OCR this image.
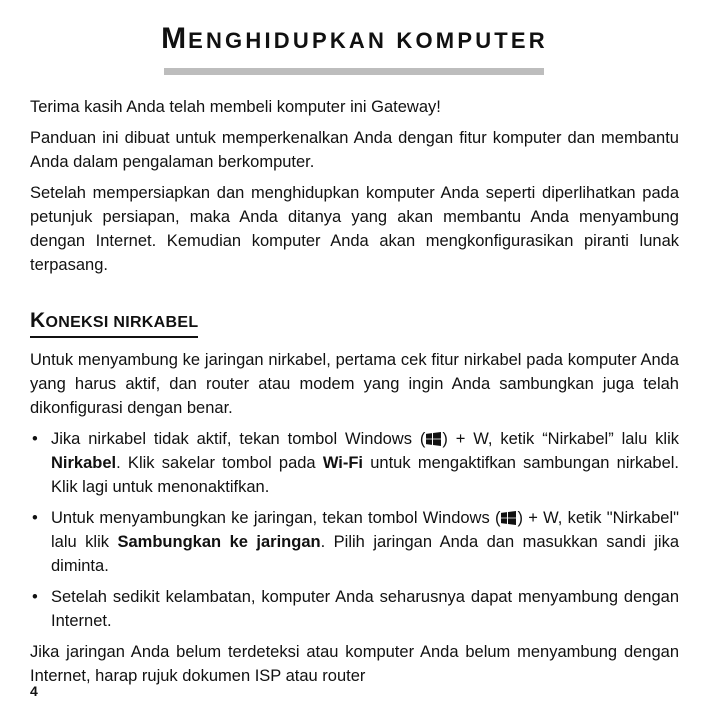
MENGHIDUPKAN KOMPUTER

Terima kasih Anda telah membeli komputer ini Gateway!

Panduan ini dibuat untuk memperkenalkan Anda dengan fitur komputer dan membantu Anda dalam pengalaman berkomputer.

Setelah mempersiapkan dan menghidupkan komputer Anda seperti diperlihatkan pada petunjuk persiapan, maka Anda ditanya yang akan membantu Anda menyambung dengan Internet. Kemudian komputer Anda akan mengkonfigurasikan piranti lunak terpasang.

KONEKSI NIRKABEL

Untuk menyambung ke jaringan nirkabel, pertama cek fitur nirkabel pada komputer Anda yang harus aktif, dan router atau modem yang ingin Anda sambungkan juga telah dikonfigurasi dengan benar.

• Jika nirkabel tidak aktif, tekan tombol Windows ( ) + W, ketik “Nirkabel” lalu klik Nirkabel. Klik sakelar tombol pada Wi-Fi untuk mengaktifkan sambungan nirkabel. Klik lagi untuk menonaktifkan.
• Untuk menyambungkan ke jaringan, tekan tombol Windows ( ) + W, ketik "Nirkabel" lalu klik Sambungkan ke jaringan. Pilih jaringan Anda dan masukkan sandi jika diminta.
• Setelah sedikit kelambatan, komputer Anda seharusnya dapat menyambung dengan Internet.

Jika jaringan Anda belum terdeteksi atau komputer Anda belum menyambung dengan Internet, harap rujuk dokumen ISP atau router

4
